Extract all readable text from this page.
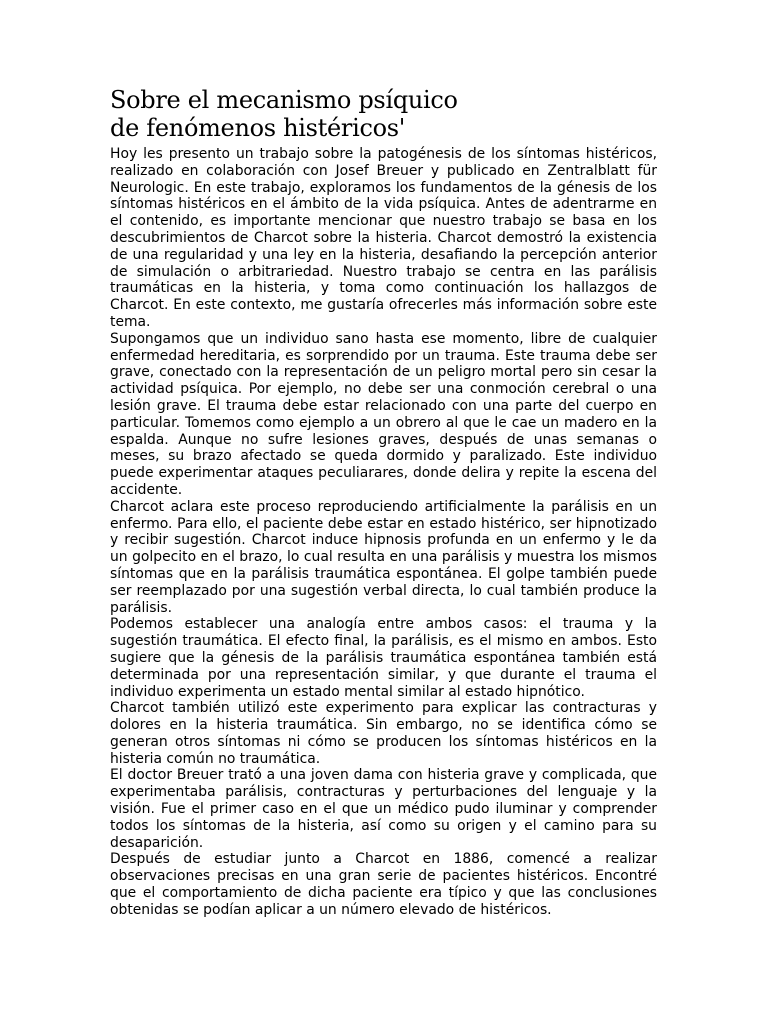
Sobre el mecanismo psíquico
de fenómenos histéricos'

Hoy les presento un trabajo sobre la patogénesis de los síntomas histéricos, realizado en colaboración con Josef Breuer y publicado en Zentralblatt für Neurologic. En este trabajo, exploramos los fundamentos de la génesis de los síntomas histéricos en el ámbito de la vida psíquica. Antes de adentrarme en el contenido, es importante mencionar que nuestro trabajo se basa en los descubrimientos de Charcot sobre la histeria. Charcot demostró la existencia de una regularidad y una ley en la histeria, desafiando la percepción anterior de simulación o arbitrariedad. Nuestro trabajo se centra en las parálisis traumáticas en la histeria, y toma como continuación los hallazgos de Charcot. En este contexto, me gustaría ofrecerles más información sobre este tema.

Supongamos que un individuo sano hasta ese momento, libre de cualquier enfermedad hereditaria, es sorprendido por un trauma. Este trauma debe ser grave, conectado con la representación de un peligro mortal pero sin cesar la actividad psíquica. Por ejemplo, no debe ser una conmoción cerebral o una lesión grave. El trauma debe estar relacionado con una parte del cuerpo en particular. Tomemos como ejemplo a un obrero al que le cae un madero en la espalda. Aunque no sufre lesiones graves, después de unas semanas o meses, su brazo afectado se queda dormido y paralizado. Este individuo puede experimentar ataques peculiarares, donde delira y repite la escena del accidente.

Charcot aclara este proceso reproduciendo artificialmente la parálisis en un enfermo. Para ello, el paciente debe estar en estado histérico, ser hipnotizado y recibir sugestión. Charcot induce hipnosis profunda en un enfermo y le da un golpecito en el brazo, lo cual resulta en una parálisis y muestra los mismos síntomas que en la parálisis traumática espontánea. El golpe también puede ser reemplazado por una sugestión verbal directa, lo cual también produce la parálisis.

Podemos establecer una analogía entre ambos casos: el trauma y la sugestión traumática. El efecto final, la parálisis, es el mismo en ambos. Esto sugiere que la génesis de la parálisis traumática espontánea también está determinada por una representación similar, y que durante el trauma el individuo experimenta un estado mental similar al estado hipnótico.

Charcot también utilizó este experimento para explicar las contracturas y dolores en la histeria traumática. Sin embargo, no se identifica cómo se generan otros síntomas ni cómo se producen los síntomas histéricos en la histeria común no traumática.

El doctor Breuer trató a una joven dama con histeria grave y complicada, que experimentaba parálisis, contracturas y perturbaciones del lenguaje y la visión. Fue el primer caso en el que un médico pudo iluminar y comprender todos los síntomas de la histeria, así como su origen y el camino para su desaparición.

Después de estudiar junto a Charcot en 1886, comencé a realizar observaciones precisas en una gran serie de pacientes histéricos. Encontré que el comportamiento de dicha paciente era típico y que las conclusiones obtenidas se podían aplicar a un número elevado de histéricos.
